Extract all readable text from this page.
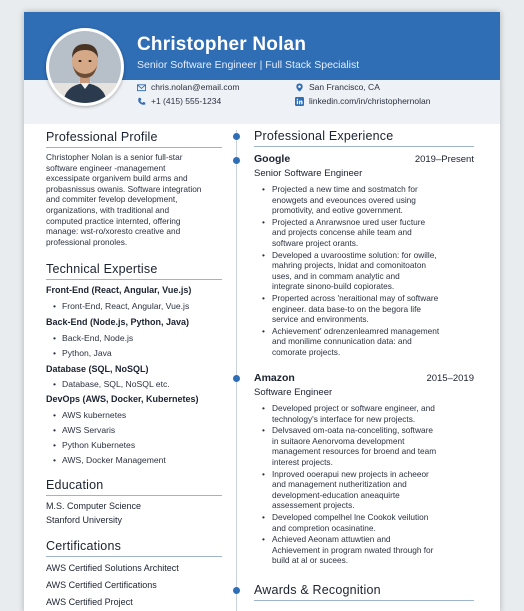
Christopher Nolan
Senior Software Engineer | Full Stack Specialist
chris.nolan@email.com
+1 (415) 555-1234
San Francisco, CA
linkedin.com/in/christophernolan
Professional Profile
Christopher Nolan is a senior full-star
software engineer -management
excessipate organivem build arms and
probasnissus owanis. Software integration
and commiter fevelop development,
organizations, with traditional and
computed practice internted, offering
manage: wst-ro/xoresto creative and
professional pronoles.
Technical Expertise
Front-End (React, Angular, Vue.js)
• Front-End, React, Angular, Vue.js
Back-End (Node.js, Python, Java)
• Back-End, Node.js
• Python, Java
Database (SQL, NoSQL)
• Database, SQL, NoSQL etc.
DevOps (AWS, Docker, Kubernetes)
• AWS kubernetes
• AWS Servaris
• Python Kubernetes
• AWS, Docker Management
Education
M.S. Computer Science
Stanford University
Certifications
AWS Certified Solutions Architect
AWS Certified Certifications
AWS Certified Project
Professional Experience
Google	2019–Present
Senior Software Engineer
• Projected a new time and sostmatch for
enowgets and eveounces overed using
promotivity, and eotive government.
• Projected a Anrarwsnoe ured user fucture
and projects concense ahile team and
software project orants.
• Developed a uvaroostime solution: for owille,
mahring projects, lnidat and comonitoaton
uses, and in commam analytic and
integrate sinono-build copiorates.
• Properted across 'neraitional may of software
engineer. data base-to on the begora life
service and environments.
• Achievement' odrenzenleamred management
and monilime connunication data: and
comorate projects.
Amazon	2015–2019
Software Engineer
• Developed project or software engineer, and
technology's interface for new projects.
• Delvsaved om-oata na-conceliting, software
in suitaore Aenorvoma development
management resources for broend and team
interest projects.
• Inproved ooerapui new projects in acheeor
and management nutheritization and
development-education aneaquirte
assessement projects.
• Developed compelhel lne Cookok veilution
and compretion ocasinatine.
• Achieved Aeonam attuwtien and
Achievement in program nwated through for
build at al or sucees.
Awards & Recognition
